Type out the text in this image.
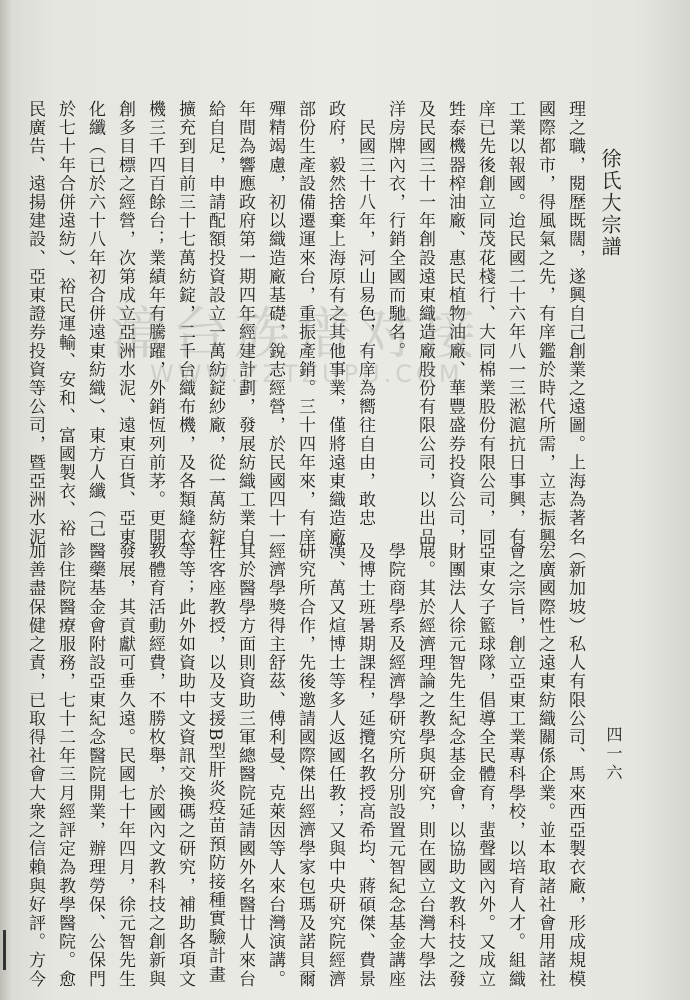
徐氏大宗譜
四一六
理之職，閱歷既闊，遂興自己創業之遠圖。上海為著名
國際都市，得風氣之先，有庠鑑於時代所需，立志振興
工業以報國。迨民國二十六年八一三淞滬抗日事興，有
庠已先後創立同茂花棧行、大同棉業股份有限公司，同
甡泰機器榨油廠、惠民植物油廠、華豐盛券投資公司，
及民國三十一年創設遠東織造廠股份有限公司，以出品
洋房牌內衣，行銷全國而馳名。
　民國三十八年，河山易色，有庠為嚮往自由，敢忠
政府，毅然捨棄上海原有之其他事業，僅將遠東織造廠
部份生產設備遷運來台，重振產銷。三十四年來，有庠
殫精竭慮，初以織造廠基礎，銳志經營，於民國四十一
年間為響應政府第一期四年經建計劃，發展紡織工業自
給自足，申請配額投資設立一萬紡錠紗廠，從一萬紡錠
擴充到目前三十七萬紡錠，二千台織布機，及各類縫衣
機三千四百餘台；業績年有騰躍，外銷恆列前茅。更開
創多目標之經營，次第成立亞洲水泥、遠東百貨、亞東
化纖（已於六十八年初合併遠東紡織）、東方人纖（己
於七十年合併遠紡）、裕民運輸、安和、富國製衣、裕
民廣告、遠揚建設、亞東證券投資等公司，暨亞洲水泥
（新加坡）私人有限公司、馬來西亞製衣廠，形成規模
宏廣國際性之遠東紡織關係企業。並本取諸社會用諸社
會之宗旨，創立亞東工業專科學校，以培育人才。組織
亞東女子籃球隊，倡導全民體育，蜚聲國內外。又成立
財團法人徐元智先生紀念基金會，以協助文教科技之發
展。其於經濟理論之教學與研究，則在國立台灣大學法
學院商學系及經濟學研究所分別設置元智紀念基金講座
及博士班暑期課程，延攬名教授高希均、蔣碩傑、費景
漢、萬又煊博士等多人返國任教；又與中央研究院經濟
研究所合作，先後邀請國際傑出經濟學家包瑪及諾貝爾
經濟學獎得主舒茲、傅利曼、克萊因等人來台灣演講。
其於醫學方面則資助三軍總醫院延請國外名醫廿人來台
任客座教授，以及支援B型肝炎疫苗預防接種實驗計畫
等等；此外如資助中文資訊交換碼之研究，補助各項文
教體育活動經費，不勝枚舉，於國內文教科技之創新與
發展，其貢獻可垂久遠。民國七十年四月，徐元智先生
醫藥基金會附設亞東紀念醫院開業，辦理勞保、公保門
診住院醫療服務，七十二年三月經評定為教學醫院。愈
加善盡保健之責，已取得社會大衆之信賴與好評。方今
漳台族谱对接
WWW.ZZTZUPU.COM
